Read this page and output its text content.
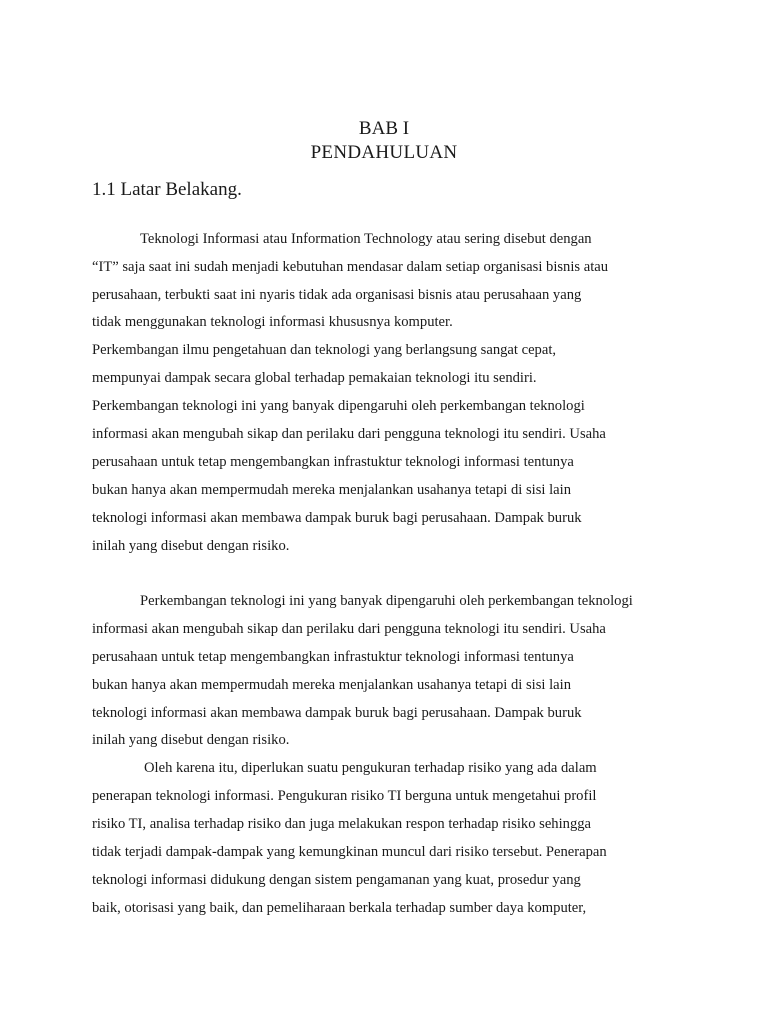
BAB I
PENDAHULUAN
1.1 Latar Belakang.
Teknologi Informasi atau Information Technology atau sering disebut dengan
“IT” saja saat ini sudah menjadi kebutuhan mendasar dalam setiap organisasi bisnis atau
perusahaan, terbukti saat ini nyaris tidak ada organisasi bisnis atau perusahaan yang
tidak menggunakan teknologi informasi khususnya komputer.
Perkembangan ilmu pengetahuan dan teknologi yang berlangsung sangat cepat,
mempunyai dampak secara global terhadap pemakaian teknologi itu sendiri.
Perkembangan teknologi ini yang banyak dipengaruhi oleh perkembangan teknologi
informasi akan mengubah sikap dan perilaku dari pengguna teknologi itu sendiri. Usaha
perusahaan untuk tetap mengembangkan infrastuktur teknologi informasi tentunya
bukan hanya akan mempermudah mereka menjalankan usahanya tetapi di sisi lain
teknologi informasi akan membawa dampak buruk bagi perusahaan. Dampak buruk
inilah yang disebut dengan risiko.
Perkembangan teknologi ini yang banyak dipengaruhi oleh perkembangan teknologi
informasi akan mengubah sikap dan perilaku dari pengguna teknologi itu sendiri. Usaha
perusahaan untuk tetap mengembangkan infrastuktur teknologi informasi tentunya
bukan hanya akan mempermudah mereka menjalankan usahanya tetapi di sisi lain
teknologi informasi akan membawa dampak buruk bagi perusahaan. Dampak buruk
inilah yang disebut dengan risiko.
Oleh karena itu, diperlukan suatu pengukuran terhadap risiko yang ada dalam
penerapan teknologi informasi. Pengukuran risiko TI berguna untuk mengetahui profil
risiko TI, analisa terhadap risiko dan juga melakukan respon terhadap risiko sehingga
tidak terjadi dampak-dampak yang kemungkinan muncul dari risiko tersebut. Penerapan
teknologi informasi didukung dengan sistem pengamanan yang kuat, prosedur yang
baik, otorisasi yang baik, dan pemeliharaan berkala terhadap sumber daya komputer,
